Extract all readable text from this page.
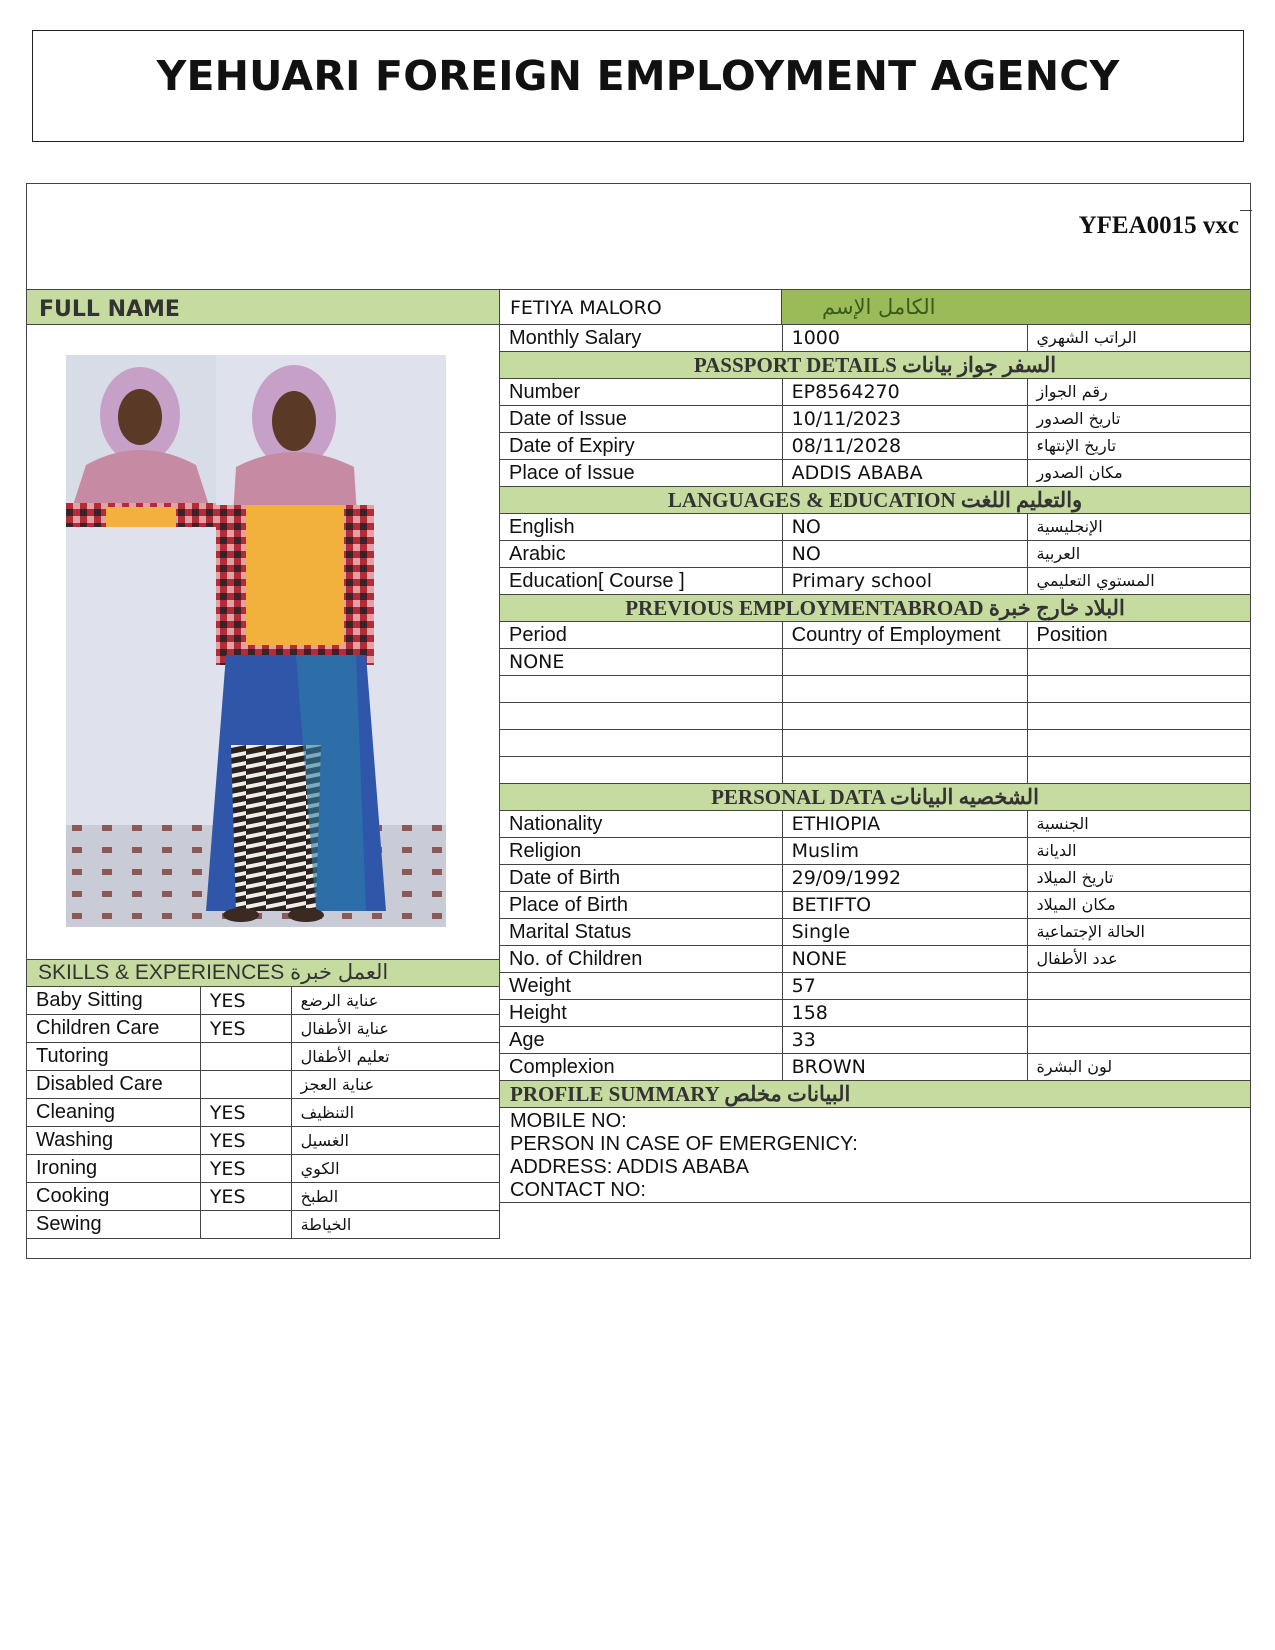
YEHUARI FOREIGN EMPLOYMENT AGENCY
YFEA0015 vxc
FULL NAME	FETIYA MALORO	الكامل الإسم
Monthly Salary	1000	الراتب الشهري

PASSPORT DETAILS السفر جواز بيانات		

Number	EP8564270	رقم الجواز
Date of Issue	10/11/2023	تاريخ الصدور
Date of Expiry	08/11/2028	تاريخ الإنتهاء
Place of Issue	ADDIS ABABA	مكان الصدور

LANGUAGES & EDUCATION والتعليم اللغت		

English	NO	الإنجليسية
Arabic	NO	العربية
Education[ Course ]	Primary school	المستوي التعليمي

PREVIOUS EMPLOYMENTABROAD البلاد خارج خبرة		

Period	Country of Employment	Position
NONE		

PERSONAL DATA الشخصيه البيانات		

Nationality	ETHIOPIA	الجنسية
Religion	Muslim	الديانة
Date of Birth	29/09/1992	تاريخ الميلاد
Place of Birth	BETIFTO	مكان الميلاد
Marital Status	Single	الحالة الإجتماعية
No. of Children	NONE	عدد الأطفال
Weight	57	
Height	158	
Age	33	
Complexion	BROWN	لون البشرة

PROFILE SUMMARY البيانات مخلص		

MOBILE NO:
PERSON IN CASE OF EMERGENICY:
ADDRESS: ADDIS ABABA
CONTACT NO:		
SKILLS & EXPERIENCES العمل خبرة		
Baby Sitting	YES	عناية الرضع
Children Care	YES	عناية الأطفال
Tutoring		تعليم الأطفال
Disabled Care		عناية العجز
Cleaning	YES	التنظيف
Washing	YES	الغسيل
Ironing	YES	الكوي
Cooking	YES	الطبخ
Sewing		الخياطة
